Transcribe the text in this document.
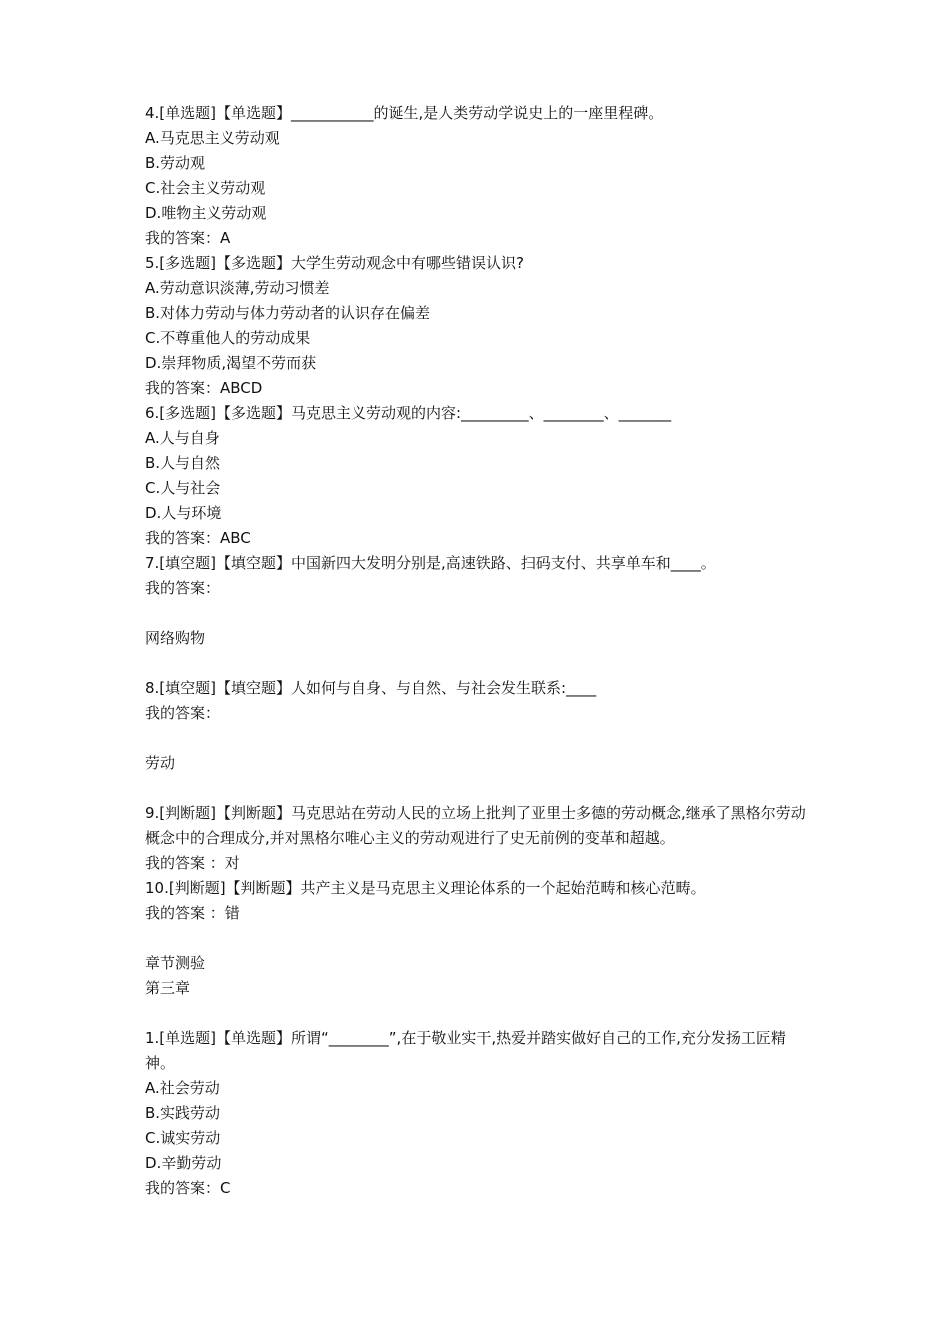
4.[单选题]【单选题】___________的诞生,是人类劳动学说史上的一座里程碑。
A.马克思主义劳动观
B.劳动观
C.社会主义劳动观
D.唯物主义劳动观
我的答案：A
5.[多选题]【多选题】大学生劳动观念中有哪些错误认识?
A.劳动意识淡薄,劳动习惯差
B.对体力劳动与体力劳动者的认识存在偏差
C.不尊重他人的劳动成果
D.崇拜物质,渴望不劳而获
我的答案：ABCD
6.[多选题]【多选题】马克思主义劳动观的内容:_________、________、_______
A.人与自身
B.人与自然
C.人与社会
D.人与环境
我的答案：ABC
7.[填空题]【填空题】中国新四大发明分别是,高速铁路、扫码支付、共享单车和____。
我的答案：
网络购物
8.[填空题]【填空题】人如何与自身、与自然、与社会发生联系:____
我的答案：
劳动
9.[判断题]【判断题】马克思站在劳动人民的立场上批判了亚里士多德的劳动概念,继承了黑格尔劳动概念中的合理成分,并对黑格尔唯心主义的劳动观进行了史无前例的变革和超越。
我的答案 ：对
10.[判断题]【判断题】共产主义是马克思主义理论体系的一个起始范畴和核心范畴。
我的答案 ：错
章节测验
第三章
1.[单选题]【单选题】所谓“________”,在于敬业实干,热爱并踏实做好自己的工作,充分发扬工匠精神。
A.社会劳动
B.实践劳动
C.诚实劳动
D.辛勤劳动
我的答案：C
